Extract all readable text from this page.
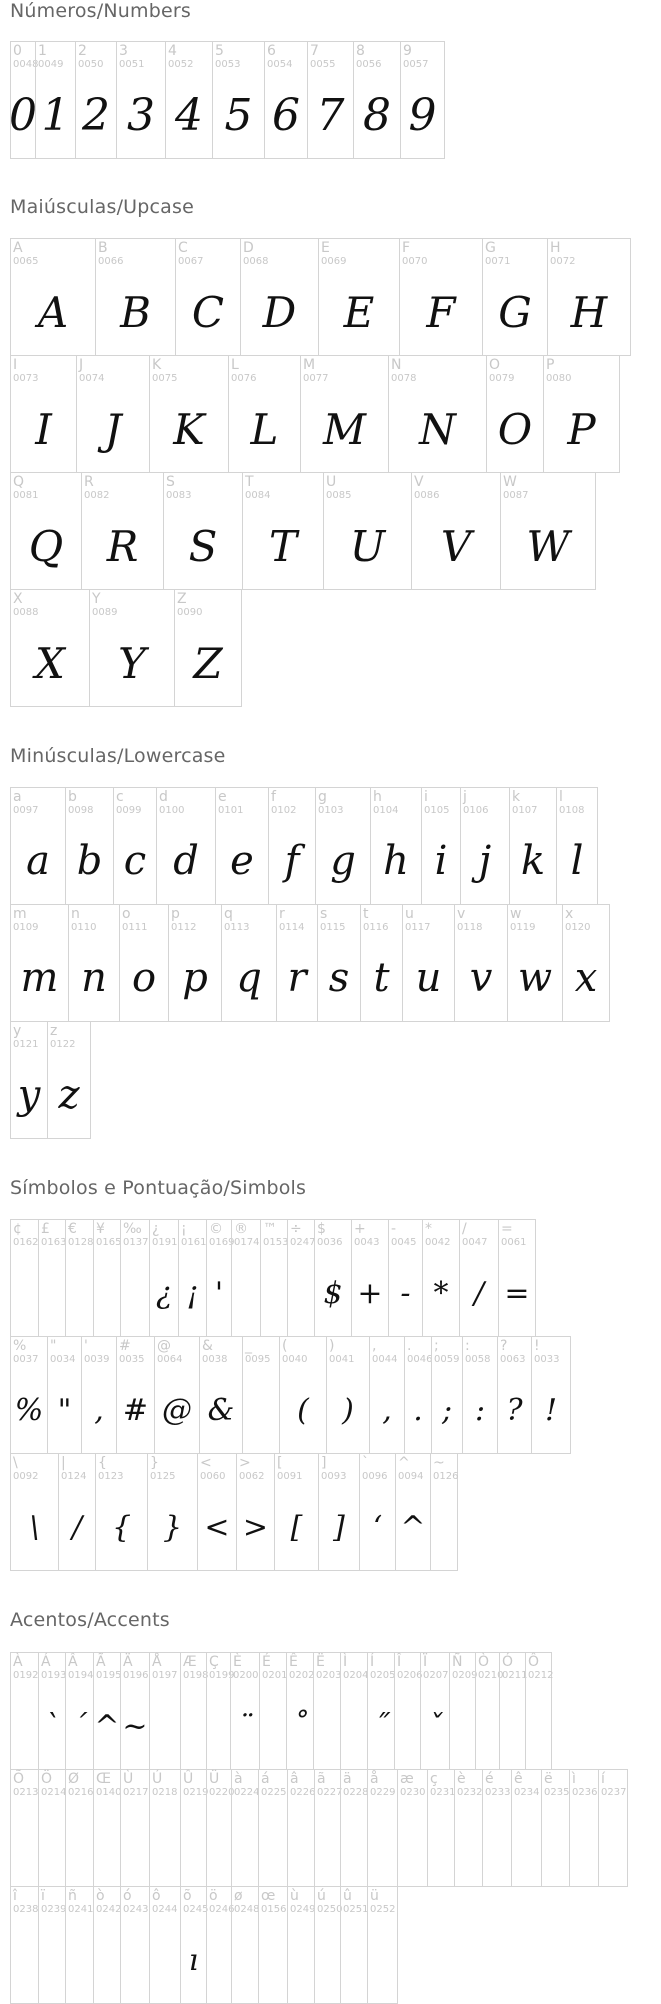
Números/Numbers
0
0048
0
1
0049
1
2
0050
2
3
0051
3
4
0052
4
5
0053
5
6
0054
6
7
0055
7
8
0056
8
9
0057
9
Maiúsculas/Upcase
A
0065
A
B
0066
B
C
0067
C
D
0068
D
E
0069
E
F
0070
F
G
0071
G
H
0072
H
I
0073
I
J
0074
J
K
0075
K
L
0076
L
M
0077
M
N
0078
N
O
0079
O
P
0080
P
Q
0081
Q
R
0082
R
S
0083
S
T
0084
T
U
0085
U
V
0086
V
W
0087
W
X
0088
X
Y
0089
Y
Z
0090
Z
Minúsculas/Lowercase
a
0097
a
b
0098
b
c
0099
c
d
0100
d
e
0101
e
f
0102
f
g
0103
g
h
0104
h
i
0105
i
j
0106
j
k
0107
k
l
0108
l
m
0109
m
n
0110
n
o
0111
o
p
0112
p
q
0113
q
r
0114
r
s
0115
s
t
0116
t
u
0117
u
v
0118
v
w
0119
w
x
0120
x
y
0121
y
z
0122
z
Símbolos e Pontuação/Simbols
¢
0162
£
0163
€
0128
¥
0165
‰
0137
¿
0191
¿
¡
0161
¡
©
0169
'
®
0174
™
0153
÷
0247
$
0036
$
+
0043
+
-
0045
-
*
0042
*
/
0047
/
=
0061
=
%
0037
%
"
0034
"
'
0039
,
#
0035
#
@
0064
@
&
0038
&
_
0095
(
0040
(
)
0041
)
,
0044
,
.
0046
.
;
0059
;
:
0058
:
?
0063
?
!
0033
!
\
0092
\
|
0124
/
{
0123
{
}
0125
}
<
0060
<
>
0062
>
[
0091
[
]
0093
]
`
0096
‘
^
0094
^
~
0126
Acentos/Accents
À
0192
Á
0193
`
Â
0194
´
Ã
0195
^
Ä
0196
~
Å
0197
Æ
0198
Ç
0199
È
0200
¨
É
0201
Ê
0202
˚
Ë
0203
Ì
0204
Í
0205
˝
Î
0206
Ï
0207
ˇ
Ñ
0209
Ò
0210
Ó
0211
Ô
0212
Õ
0213
Ö
0214
Ø
0216
Œ
0140
Ù
0217
Ú
0218
Û
0219
Ü
0220
à
0224
á
0225
â
0226
ã
0227
ä
0228
å
0229
æ
0230
ç
0231
è
0232
é
0233
ê
0234
ë
0235
ì
0236
í
0237
î
0238
ï
0239
ñ
0241
ò
0242
ó
0243
ô
0244
õ
0245
ı
ö
0246
ø
0248
œ
0156
ù
0249
ú
0250
û
0251
ü
0252
